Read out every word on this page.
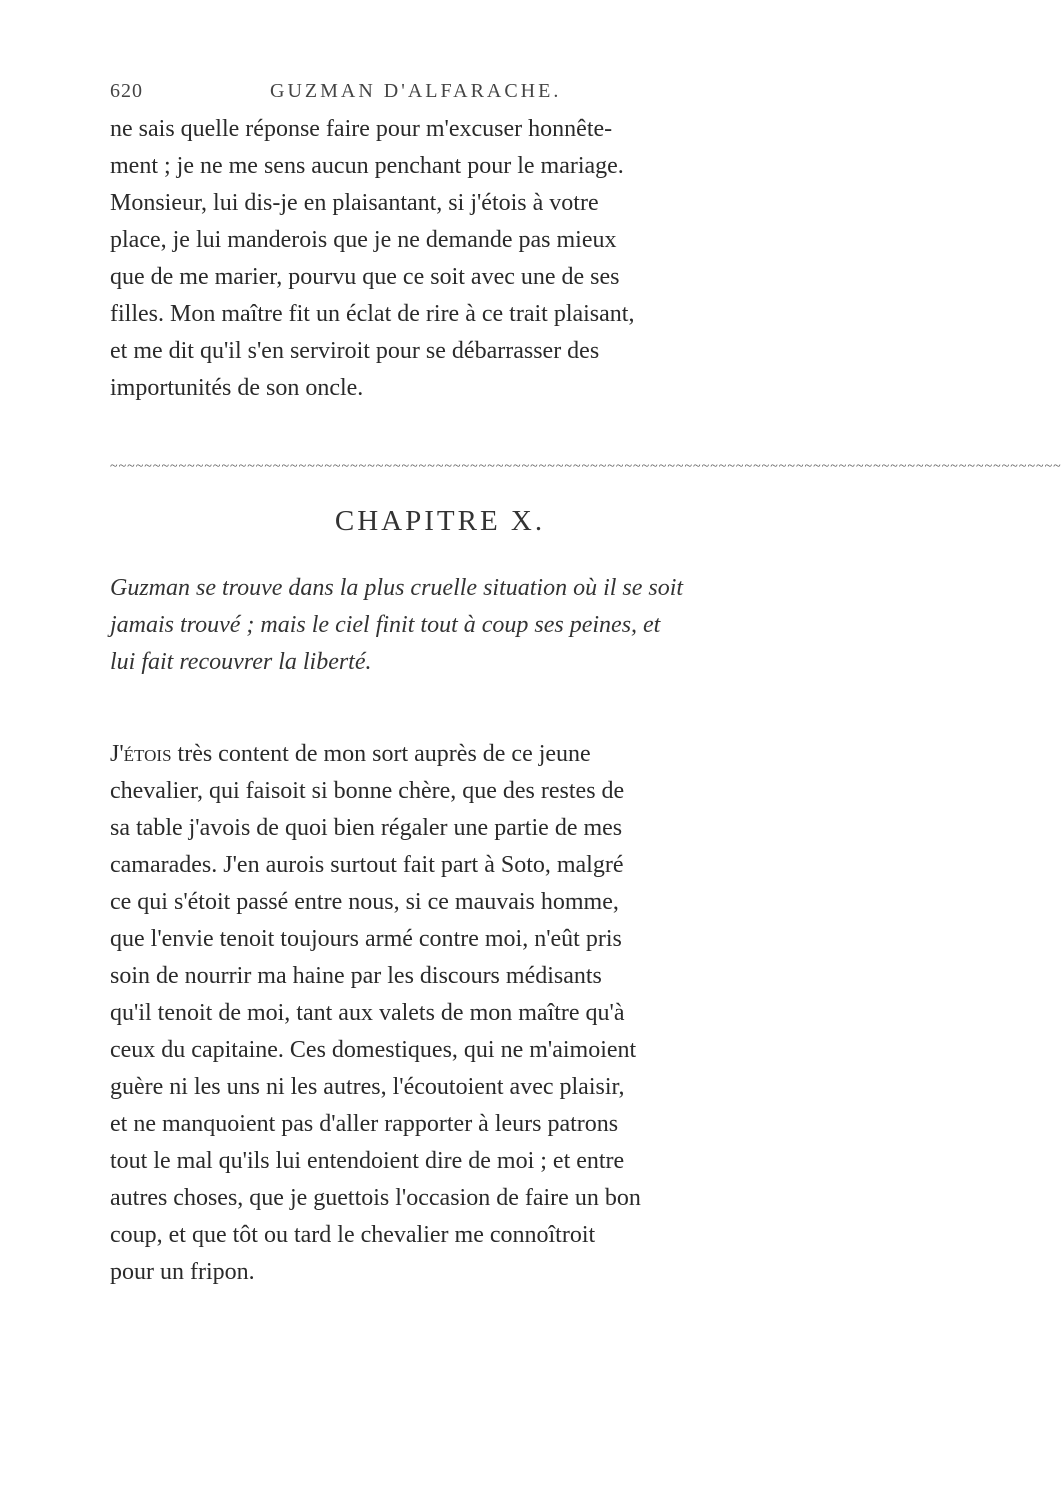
620	GUZMAN D'ALFARACHE.
ne sais quelle réponse faire pour m'excuser honnête-
ment ; je ne me sens aucun penchant pour le mariage.
Monsieur, lui dis-je en plaisantant, si j'étois à votre
place, je lui manderois que je ne demande pas mieux
que de me marier, pourvu que ce soit avec une de ses
filles. Mon maître fit un éclat de rire à ce trait plaisant,
et me dit qu'il s'en serviroit pour se débarrasser des
importunités de son oncle.
~~~~~~~~~~~~~~~~~~~~~~~~~~~~~~~~~~~~~~~~~~~~~~~~~~~~~~~~~~~~~~~~~~~~~~~~~~~~~~~~~~~~~~~~~~~~~~~~~~~~~~~~~~~~~~~
CHAPITRE X.
Guzman se trouve dans la plus cruelle situation où il se soit
jamais trouvé ; mais le ciel finit tout à coup ses peines, et
lui fait recouvrer la liberté.
J'étois très content de mon sort auprès de ce jeune
chevalier, qui faisoit si bonne chère, que des restes de
sa table j'avois de quoi bien régaler une partie de mes
camarades. J'en aurois surtout fait part à Soto, malgré
ce qui s'étoit passé entre nous, si ce mauvais homme,
que l'envie tenoit toujours armé contre moi, n'eût pris
soin de nourrir ma haine par les discours médisants
qu'il tenoit de moi, tant aux valets de mon maître qu'à
ceux du capitaine. Ces domestiques, qui ne m'aimoient
guère ni les uns ni les autres, l'écoutoient avec plaisir,
et ne manquoient pas d'aller rapporter à leurs patrons
tout le mal qu'ils lui entendoient dire de moi ; et entre
autres choses, que je guettois l'occasion de faire un bon
coup, et que tôt ou tard le chevalier me connoîtroit
pour un fripon.
